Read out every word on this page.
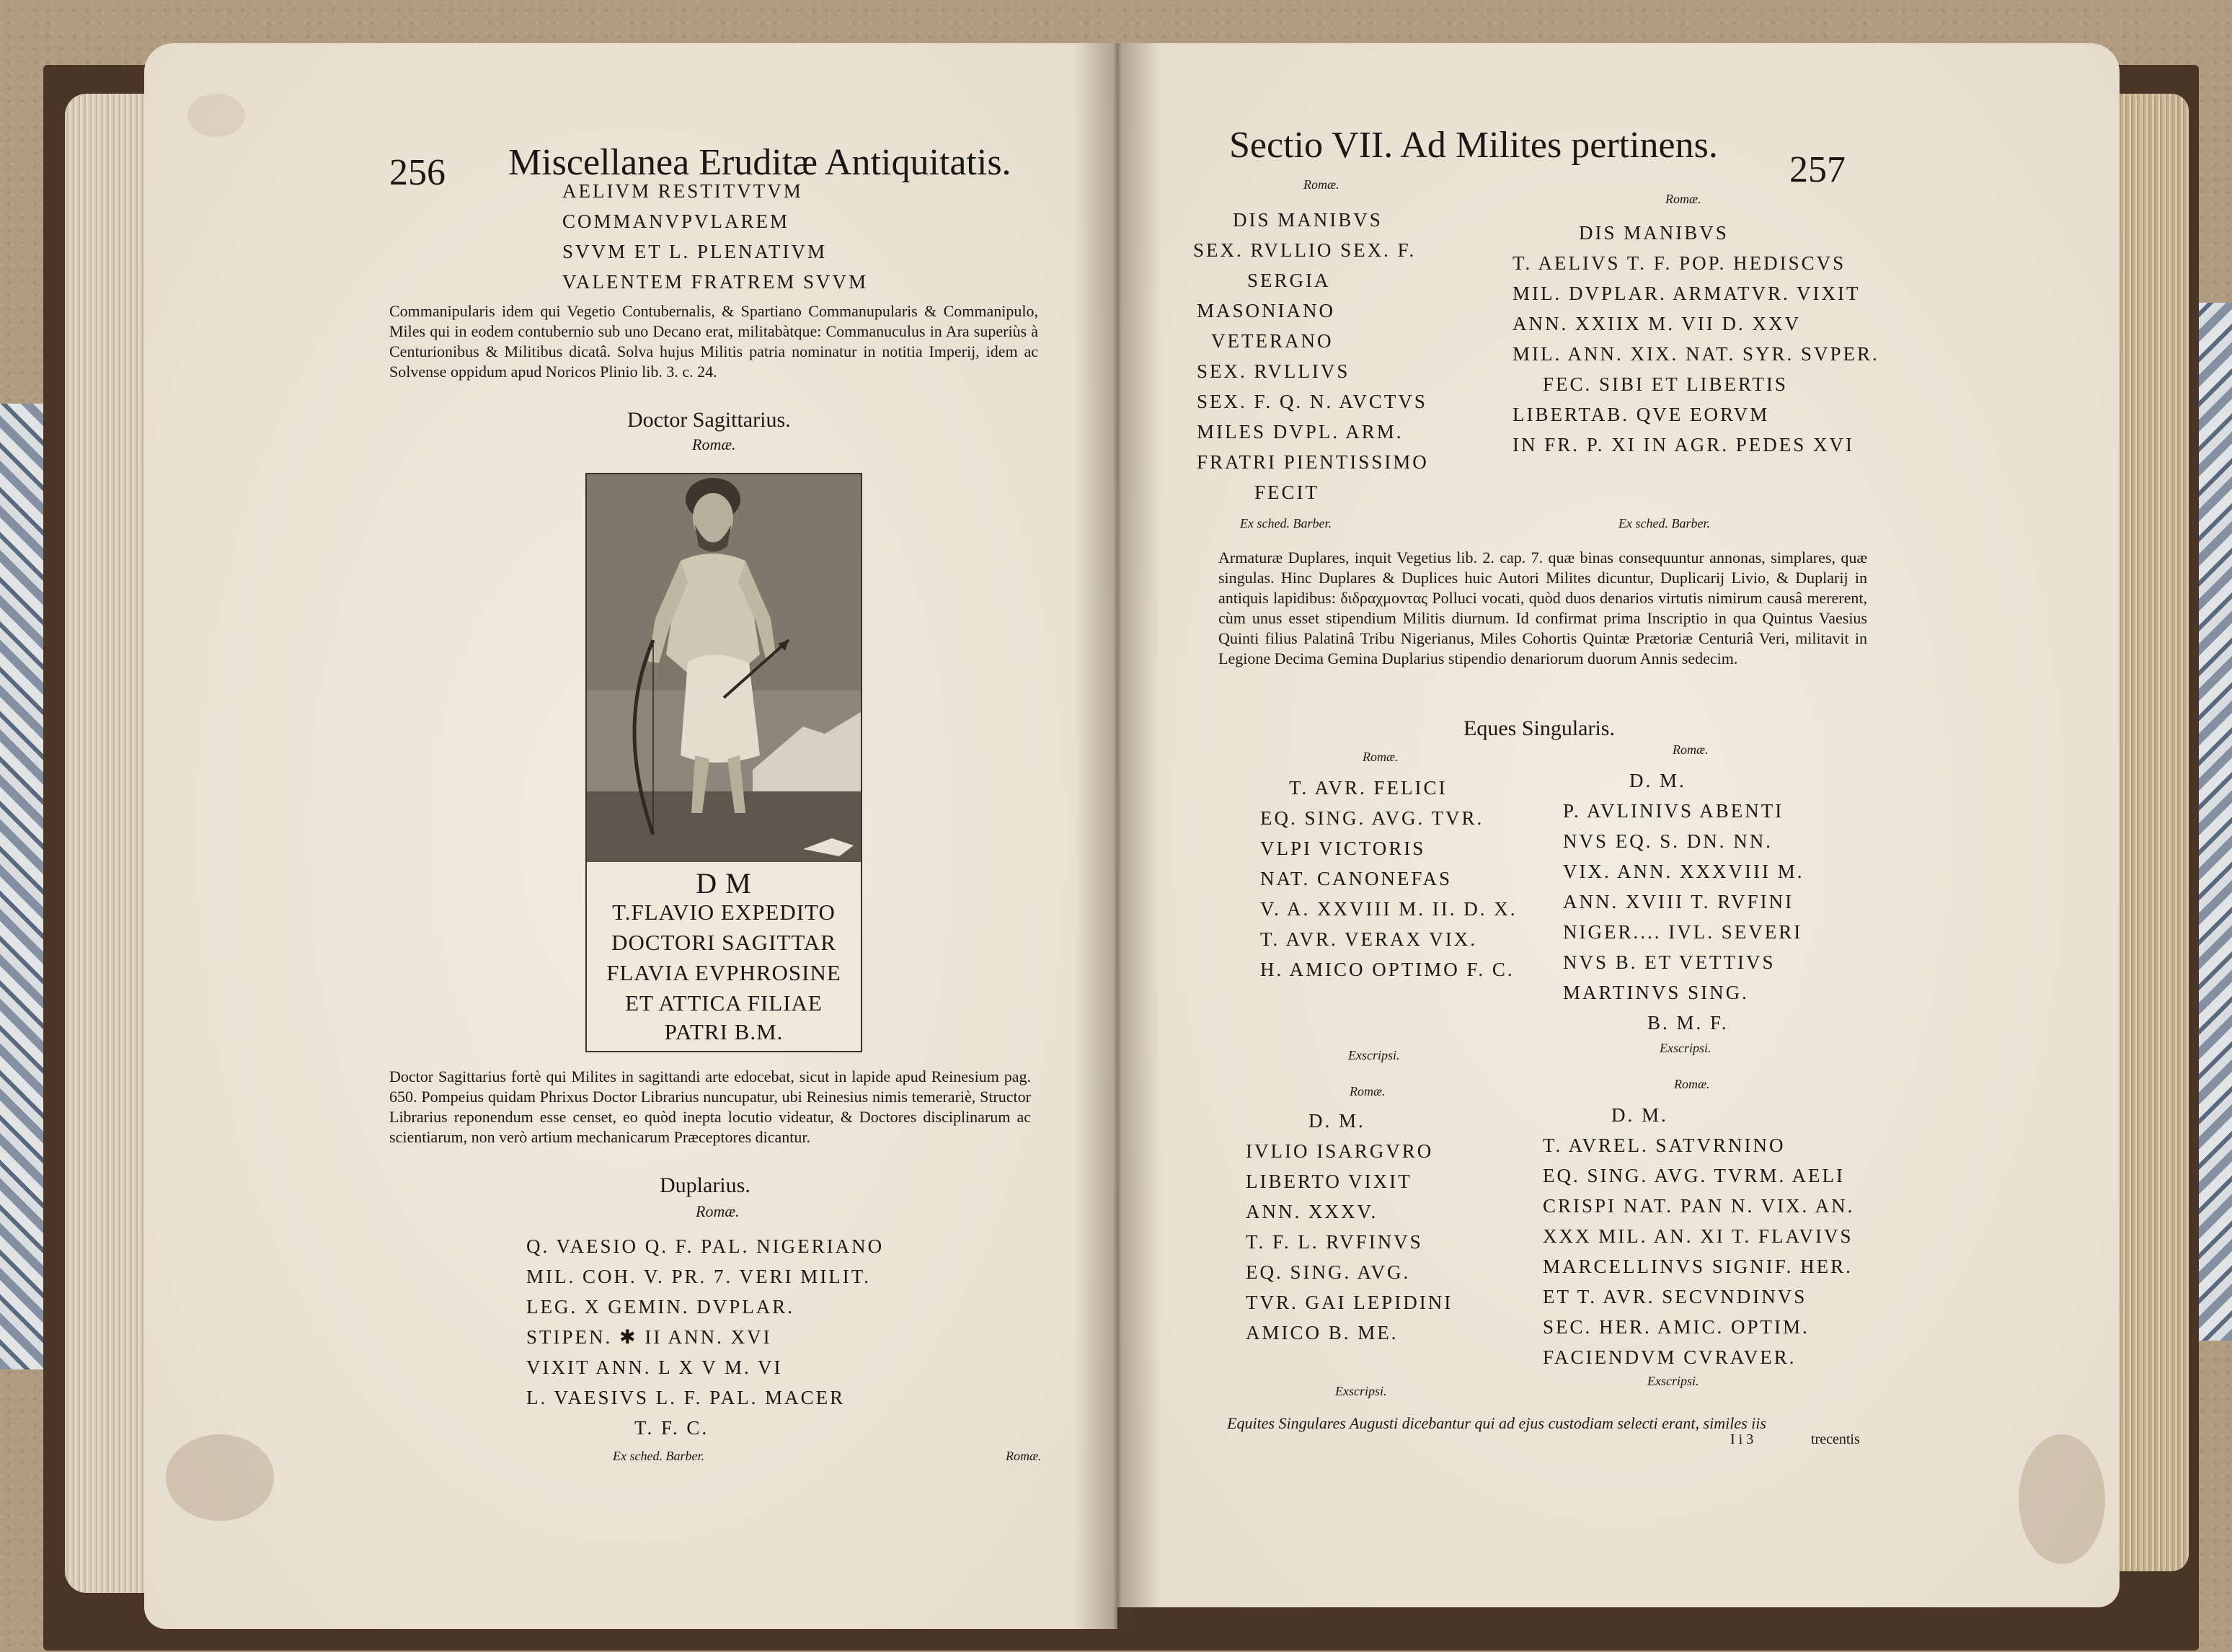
256 Miscellanea Eruditæ Antiquitatis.
AELIVM RESTITVTVM
COMMANVPVLAREM
SVVM ET L. PLENATIVM
VALENTEM FRATREM SVVM
Commanipularis idem qui Vegetio Contubernalis, & Spartiano Commanupularis & Commanipulo, Miles qui in eodem contubernio sub uno Decano erat, militabàtque: Commanuculus in Ara superiùs à Centurionibus & Militibus dicatâ. Solva hujus Militis patria nominatur in notitia Imperij, idem ac Solvense oppidum apud Noricos Plinio lib. 3. c. 24.
Doctor Sagittarius.
Romæ.
D M
T.FLAVIO EXPEDITO
DOCTORI SAGITTAR
FLAVIA EVPHROSINE
ET ATTICA FILIAE
PATRI B.M.
Doctor Sagittarius fortè qui Milites in sagittandi arte edocebat, sicut in lapide apud Reinesium pag. 650. Pompeius quidam Phrixus Doctor Librarius nuncupatur, ubi Reinesius nimis temerariè, Structor Librarius reponendum esse censet, eo quòd inepta locutio videatur, & Doctores disciplinarum ac scientiarum, non verò artium mechanicarum Præceptores dicantur.
Duplarius.
Romæ.
Q. VAESIO Q. F. PAL. NIGERIANO
MIL. COH. V. PR. 7. VERI MILIT.
LEG. X GEMIN. DVPLAR.
STIPEN. ✱ II ANN. XVI
VIXIT ANN. L X V M. VI
L. VAESIVS L. F. PAL. MACER
T. F. C.
Ex sched. Barber.	Romæ.
Sectio VII. Ad Milites pertinens.
257
Romæ.
Romæ.
DIS MANIBVS
SEX. RVLLIO SEX. F.
SERGIA
MASONIANO
VETERANO
SEX. RVLLIVS
SEX. F. Q. N. AVCTVS
MILES DVPL. ARM.
FRATRI PIENTISSIMO
FECIT
DIS MANIBVS
T. AELIVS T. F. POP. HEDISCVS
MIL. DVPLAR. ARMATVR. VIXIT
ANN. XXIIX M. VII D. XXV
MIL. ANN. XIX. NAT. SYR. SVPER.
FEC. SIBI ET LIBERTIS
LIBERTAB. QVE EORVM
IN FR. P. XI IN AGR. PEDES XVI
Ex sched. Barber.	Ex sched. Barber.
Armaturæ Duplares, inquit Vegetius lib. 2. cap. 7. quæ binas consequuntur annonas, simplares, quæ singulas. Hinc Duplares & Duplices huic Autori Milites dicuntur, Duplicarij Livio, & Duplarij in antiquis lapidibus: διδραχμοντας Polluci vocati, quòd duos denarios virtutis nimirum causâ mererent, cùm unus esset stipendium Militis diurnum. Id confirmat prima Inscriptio in qua Quintus Vaesius Quinti filius Palatinâ Tribu Nigerianus, Miles Cohortis Quintæ Prætoriæ Centuriâ Veri, militavit in Legione Decima Gemina Duplarius stipendio denariorum duorum Annis sedecim.
Eques Singularis.
Romæ.	Romæ.
T. AVR. FELICI
EQ. SING. AVG. TVR.
VLPI VICTORIS
NAT. CANONEFAS
V. A. XXVIII M. II. D. X.
T. AVR. VERAX VIX.
H. AMICO OPTIMO F. C.
D. M.
P. AVLINIVS ABENTI
NVS EQ. S. DN. NN.
VIX. ANN. XXXVIII M.
ANN. XVIII T. RVFINI
NIGER.... IVL. SEVERI
NVS B. ET VETTIVS
MARTINVS SING.
B. M. F.
Exscripsi.	Exscripsi.
Romæ.	Romæ.
D. M.
IVLIO ISARGVRO
LIBERTO VIXIT
ANN. XXXV.
T. F. L. RVFINVS
EQ. SING. AVG.
TVR. GAI LEPIDINI
AMICO B. ME.
D. M.
T. AVREL. SATVRNINO
EQ. SING. AVG. TVRM. AELI
CRISPI NAT. PAN N. VIX. AN.
XXX MIL. AN. XI T. FLAVIVS
MARCELLINVS SIGNIF. HER.
ET T. AVR. SECVNDINVS
SEC. HER. AMIC. OPTIM.
FACIENDVM CVRAVER.
Exscripsi.
Exscripsi.
Equites Singulares Augusti dicebantur qui ad ejus custodiam selecti erant, similes iis
I i 3	trecentis
